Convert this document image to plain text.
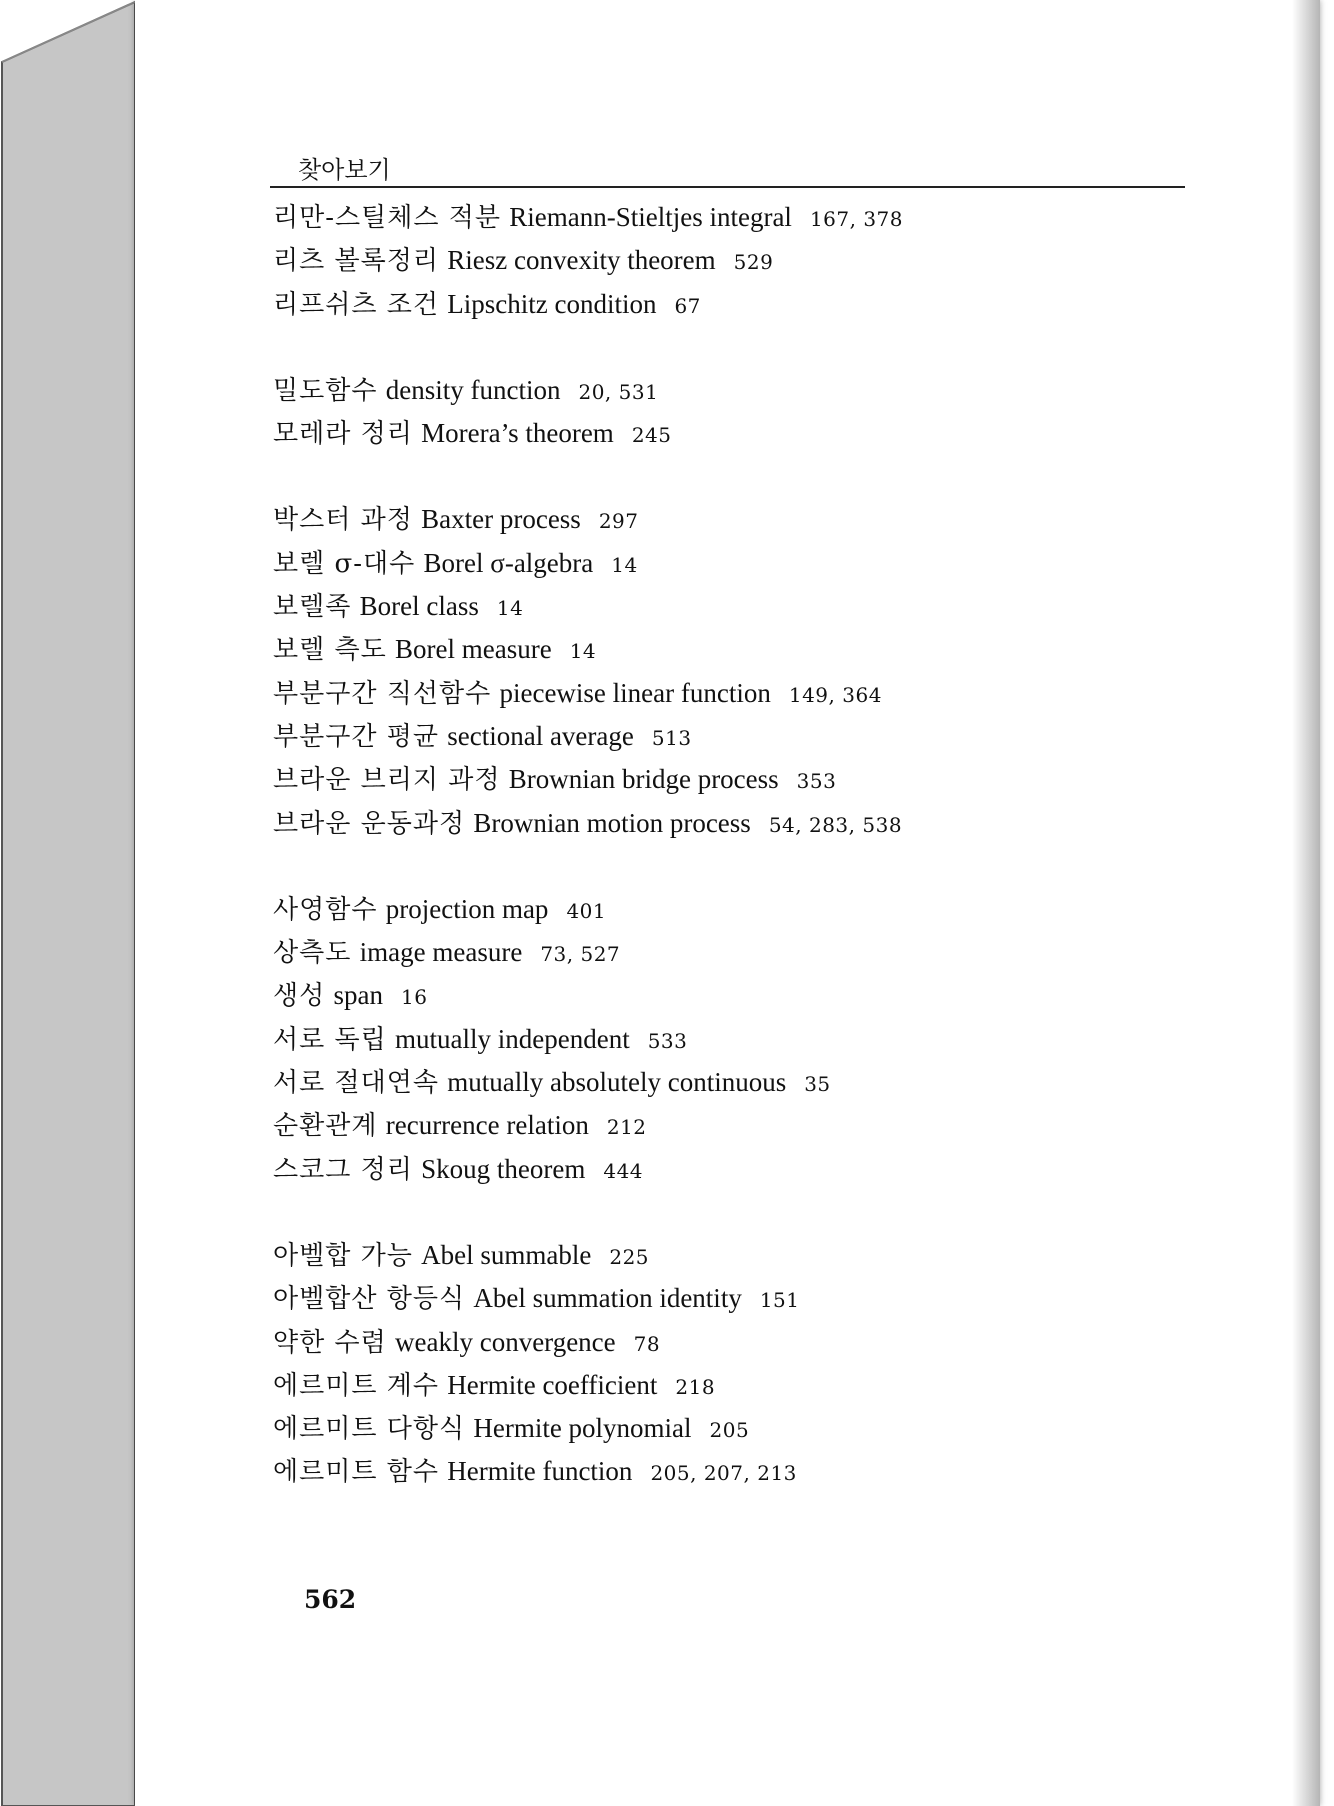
찾아보기
리만-스틸체스 적분 Riemann-Stieltjes integral 167, 378
리츠 볼록정리 Riesz convexity theorem 529
리프쉬츠 조건 Lipschitz condition 67
밀도함수 density function 20, 531
모레라 정리 Morera’s theorem 245
박스터 과정 Baxter process 297
보렐 σ-대수 Borel σ-algebra 14
보렐족 Borel class 14
보렐 측도 Borel measure 14
부분구간 직선함수 piecewise linear function 149, 364
부분구간 평균 sectional average 513
브라운 브리지 과정 Brownian bridge process 353
브라운 운동과정 Brownian motion process 54, 283, 538
사영함수 projection map 401
상측도 image measure 73, 527
생성 span 16
서로 독립 mutually independent 533
서로 절대연속 mutually absolutely continuous 35
순환관계 recurrence relation 212
스코그 정리 Skoug theorem 444
아벨합 가능 Abel summable 225
아벨합산 항등식 Abel summation identity 151
약한 수렴 weakly convergence 78
에르미트 계수 Hermite coefficient 218
에르미트 다항식 Hermite polynomial 205
에르미트 함수 Hermite function 205, 207, 213
562
